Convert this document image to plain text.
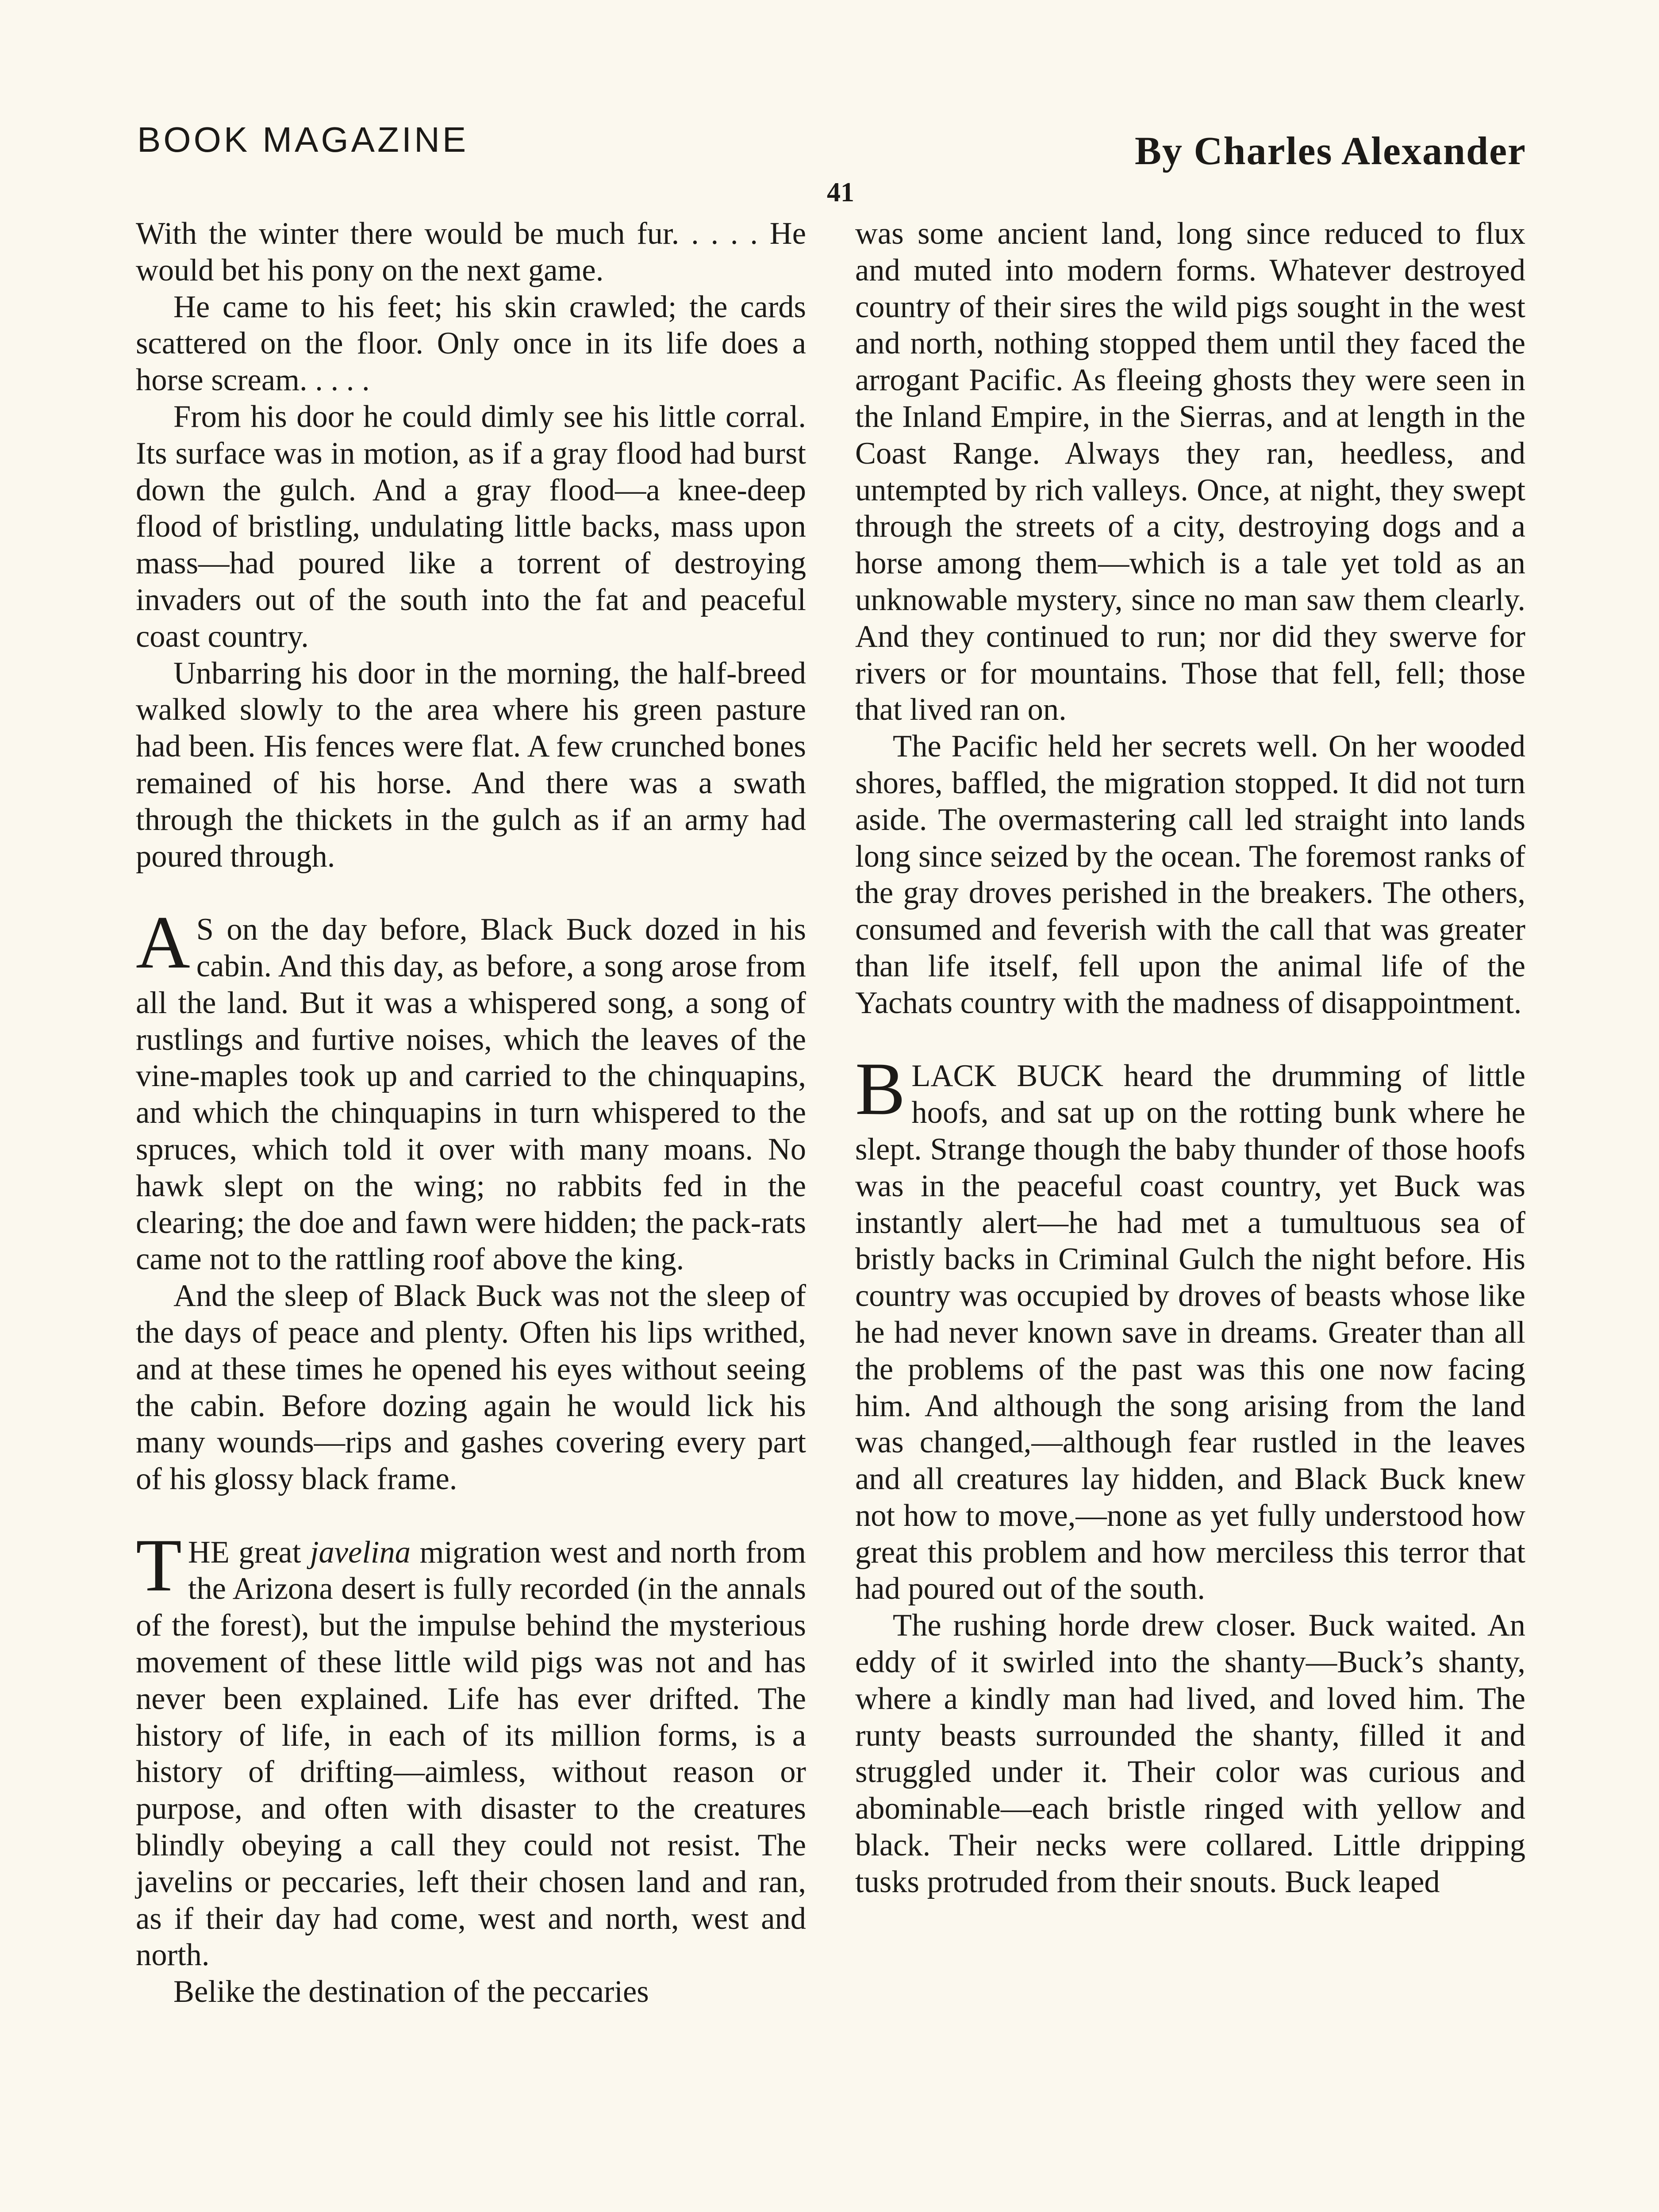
BOOK MAGAZINE	By Charles Alexander
41

With the winter there would be much fur. . . . . He would bet his pony on the next game.

He came to his feet; his skin crawled; the cards scattered on the floor. Only once in its life does a horse scream. . . . .

From his door he could dimly see his little corral. Its surface was in motion, as if a gray flood had burst down the gulch. And a gray flood—a knee-deep flood of bristling, undulating little backs, mass upon mass—had poured like a torrent of destroying invaders out of the south into the fat and peaceful coast country.

Unbarring his door in the morning, the half-breed walked slowly to the area where his green pasture had been. His fences were flat. A few crunched bones remained of his horse. And there was a swath through the thickets in the gulch as if an army had poured through.

A S on the day before, Black Buck dozed in his cabin. And this day, as before, a song arose from all the land. But it was a whispered song, a song of rustlings and furtive noises, which the leaves of the vine-maples took up and carried to the chinquapins, and which the chinquapins in turn whispered to the spruces, which told it over with many moans. No hawk slept on the wing; no rabbits fed in the clearing; the doe and fawn were hidden; the pack-rats came not to the rattling roof above the king.

And the sleep of Black Buck was not the sleep of the days of peace and plenty. Often his lips writhed, and at these times he opened his eyes without seeing the cabin. Before dozing again he would lick his many wounds—rips and gashes covering every part of his glossy black frame.

THE great javelina migration west and north from the Arizona desert is fully recorded (in the annals of the forest), but the impulse behind the mysterious movement of these little wild pigs was not and has never been explained. Life has ever drifted. The history of life, in each of its million forms, is a history of drifting—aimless, without reason or purpose, and often with disaster to the creatures blindly obeying a call they could not resist. The javelins or peccaries, left their chosen land and ran, as if their day had come, west and north, west and north.

Belike the destination of the peccaries

was some ancient land, long since reduced to flux and muted into modern forms. Whatever destroyed country of their sires the wild pigs sought in the west and north, nothing stopped them until they faced the arrogant Pacific. As fleeing ghosts they were seen in the Inland Empire, in the Sierras, and at length in the Coast Range. Always they ran, heedless, and untempted by rich valleys. Once, at night, they swept through the streets of a city, destroying dogs and a horse among them—which is a tale yet told as an unknowable mystery, since no man saw them clearly. And they continued to run; nor did they swerve for rivers or for mountains. Those that fell, fell; those that lived ran on.

The Pacific held her secrets well. On her wooded shores, baffled, the migration stopped. It did not turn aside. The overmastering call led straight into lands long since seized by the ocean. The foremost ranks of the gray droves perished in the breakers. The others, consumed and feverish with the call that was greater than life itself, fell upon the animal life of the Yachats country with the madness of disappointment.

BLACK BUCK heard the drumming of little hoofs, and sat up on the rotting bunk where he slept. Strange though the baby thunder of those hoofs was in the peaceful coast country, yet Buck was instantly alert—he had met a tumultuous sea of bristly backs in Criminal Gulch the night before. His country was occupied by droves of beasts whose like he had never known save in dreams. Greater than all the problems of the past was this one now facing him. And although the song arising from the land was changed,—although fear rustled in the leaves and all creatures lay hidden, and Black Buck knew not how to move,—none as yet fully understood how great this problem and how merciless this terror that had poured out of the south.

The rushing horde drew closer. Buck waited. An eddy of it swirled into the shanty—Buck’s shanty, where a kindly man had lived, and loved him. The runty beasts surrounded the shanty, filled it and struggled under it. Their color was curious and abominable—each bristle ringed with yellow and black. Their necks were collared. Little dripping tusks protruded from their snouts. Buck leaped
